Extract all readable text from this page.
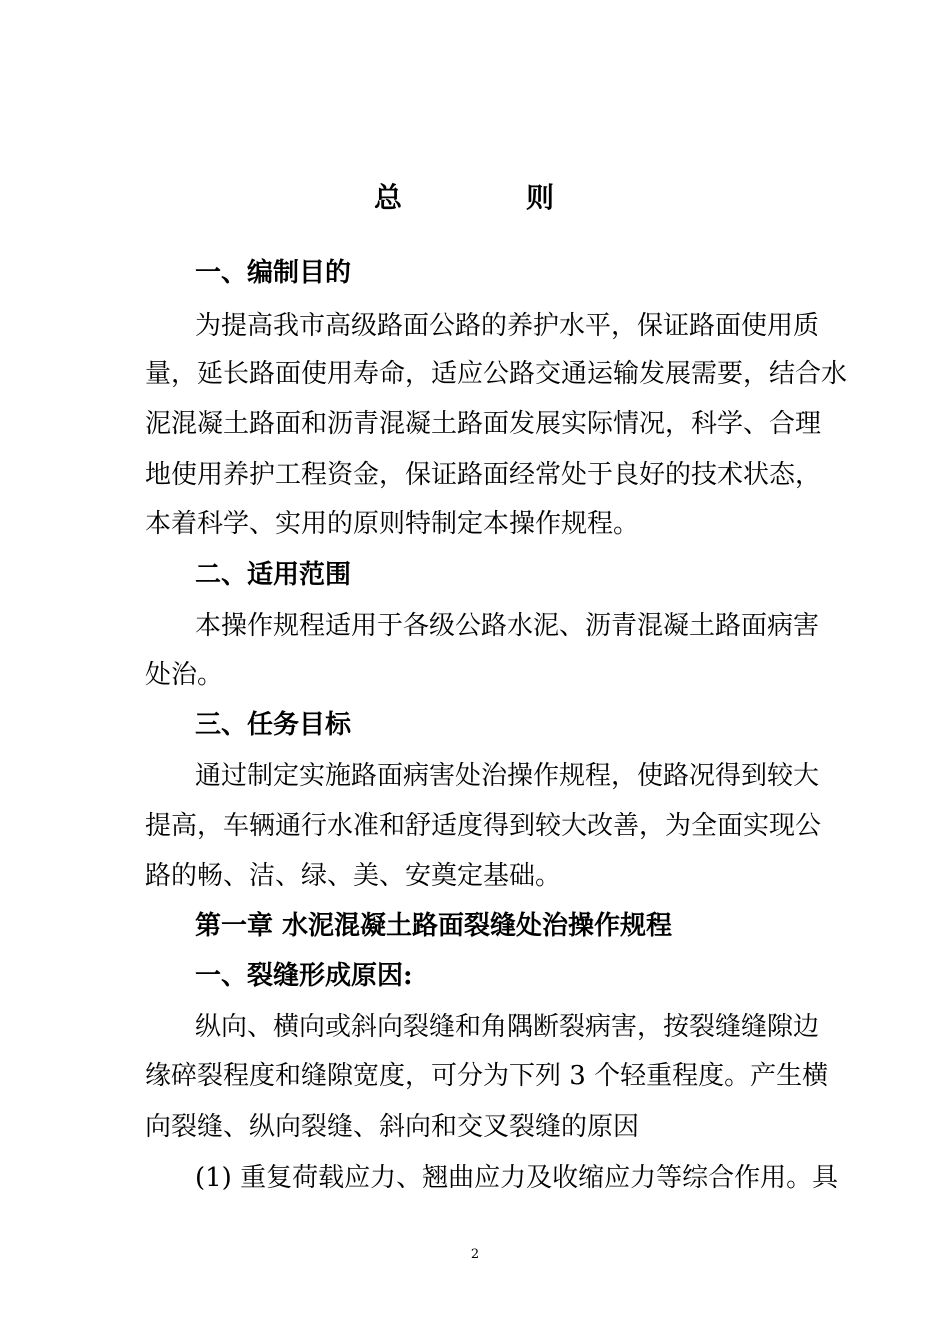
总	则
一、编制目的
为提高我市高级路面公路的养护水平，保证路面使用质
量，延长路面使用寿命，适应公路交通运输发展需要，结合水
泥混凝土路面和沥青混凝土路面发展实际情况，科学、合理
地使用养护工程资金，保证路面经常处于良好的技术状态，
本着科学、实用的原则特制定本操作规程。
二、适用范围
本操作规程适用于各级公路水泥、沥青混凝土路面病害
处治。
三、任务目标
通过制定实施路面病害处治操作规程，使路况得到较大
提高，车辆通行水准和舒适度得到较大改善，为全面实现公
路的畅、洁、绿、美、安奠定基础。
第一章 水泥混凝土路面裂缝处治操作规程
一、裂缝形成原因:
纵向、横向或斜向裂缝和角隅断裂病害，按裂缝缝隙边
缘碎裂程度和缝隙宽度，可分为下列 3 个轻重程度。产生横
向裂缝、纵向裂缝、斜向和交叉裂缝的原因
(1) 重复荷载应力、翘曲应力及收缩应力等综合作用。具
2
